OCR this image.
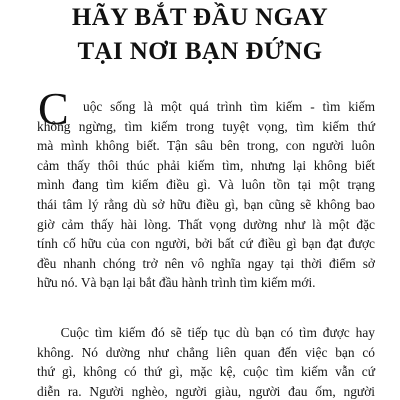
HÃY BẮT ĐẦU NGAY
TẠI NƠI BẠN ĐỨNG
C	uộc sống là một quá trình tìm kiếm - tìm kiếm
không ngừng, tìm kiếm trong tuyệt vọng, tìm kiếm thứ
mà mình không biết. Tận sâu bên trong, con người luôn
cảm thấy thôi thúc phải kiếm tìm, nhưng lại không biết
mình đang tìm kiếm điều gì. Và luôn tồn tại một trạng
thái tâm lý rằng dù sở hữu điều gì, bạn cũng sẽ không bao
giờ cảm thấy hài lòng. Thất vọng dường như là một đặc
tính cố hữu của con người, bởi bất cứ điều gì bạn đạt được
đều nhanh chóng trở nên vô nghĩa ngay tại thời điểm sở
hữu nó. Và bạn lại bắt đầu hành trình tìm kiếm mới.
Cuộc tìm kiếm đó sẽ tiếp tục dù bạn có tìm được hay
không. Nó dường như chẳng liên quan đến việc bạn có
thứ gì, không có thứ gì, mặc kệ, cuộc tìm kiếm vẫn cứ
diễn ra. Người nghèo, người giàu, người đau ốm, người
